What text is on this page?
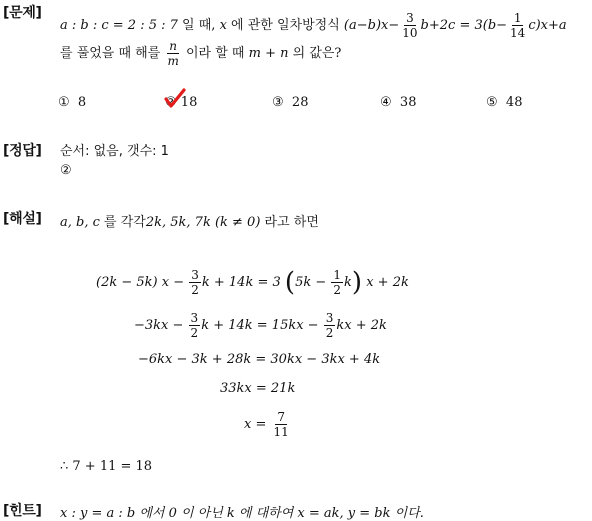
[문제]
a : b : c = 2 : 5 : 7 일 때, x 에 관한 일차방정식 $(a-b)x- \frac{3}{10} b+2c = 3(b- \frac{1}{14} c)x+a$
를 풀었을 때 해를 $\frac{n}{m}$ 이라 할 때 m + n 의 값은?
① 8	② 18	③ 28	④ 38	⑤ 48
[정답] 순서: 없음, 갯수: 1
②
[해설] a, b, c 를 각각2k, 5k, 7k (k ≠ 0) 라고 하면
(2k − 5k) $x - \frac{3}{2}$ k + 14k = 3 $(5k - \frac{1}{2} k)$ x + 2k
$-3kx - \frac{3}{2}$ $k + 14k = 15kx - \frac{3}{2}$ kx + 2k
−6kx − 3k + 28k = 30kx − 3kx + 4k
33kx = 21k
$x = \frac{7}{11}$
∴ 7 + 11 = 18
[힌트] x : y = a : b 에서 0 이 아닌 k 에 대하여 x = ak, y = bk 이다.
